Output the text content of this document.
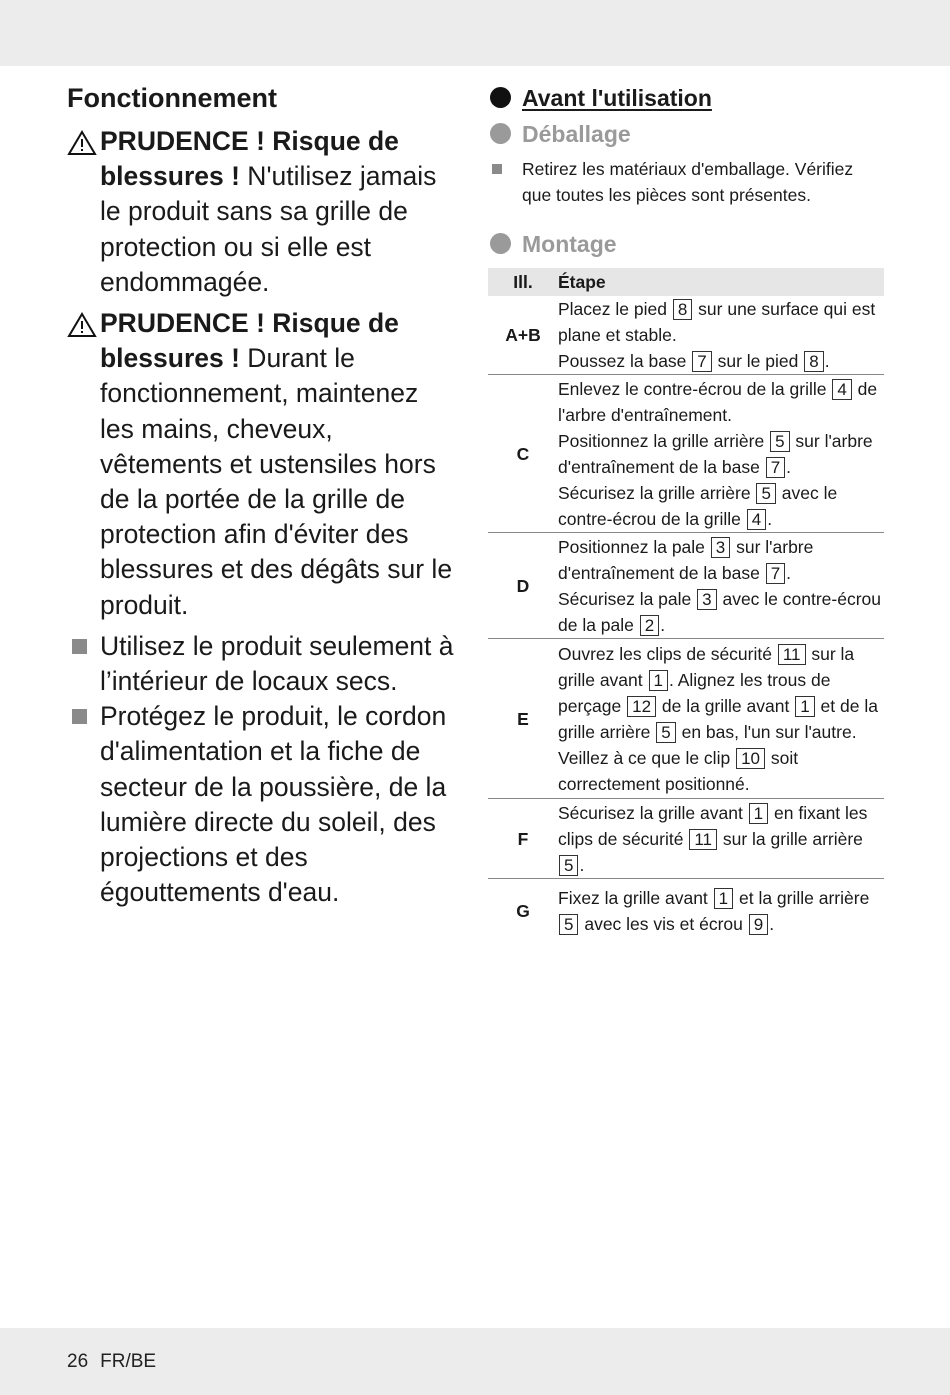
Fonctionnement
PRUDENCE ! Risque de blessures ! N'utilisez jamais le produit sans sa grille de protection ou si elle est endommagée.
PRUDENCE ! Risque de blessures ! Durant le fonctionnement, maintenez les mains, cheveux, vêtements et ustensiles hors de la portée de la grille de protection afin d'éviter des blessures et des dégâts sur le produit.
Utilisez le produit seulement à l’intérieur de locaux secs.
Protégez le produit, le cordon d'alimentation et la fiche de secteur de la poussière, de la lumière directe du soleil, des projections et des égouttements d'eau.
Avant l'utilisation
Déballage
Retirez les matériaux d'emballage. Vérifiez que toutes les pièces sont présentes.
Montage
Ill.	Étape
A+B	Placez le pied 8 sur une surface qui est plane et stable.
Poussez la base 7 sur le pied 8 .

C	Enlevez le contre-écrou de la grille 4 de l'arbre d'entraînement.
Positionnez la grille arrière 5 sur l'arbre d'entraînement de la base 7 .
Sécurisez la grille arrière 5 avec le contre-écrou de la grille 4 .

D	Positionnez la pale 3 sur l'arbre d'entraînement de la base 7 .
Sécurisez la pale 3 avec le contre-écrou de la pale 2 .

E	Ouvrez les clips de sécurité 11 sur la grille avant 1 . Alignez les trous de perçage 12 de la grille avant 1 et de la grille arrière 5 en bas, l'un sur l'autre. Veillez à ce que le clip 10 soit correctement positionné.

F	Sécurisez la grille avant 1 en fixant les clips de sécurité 11 sur la grille arrière 5 .

G	Fixez la grille avant 1 et la grille arrière 5 avec les vis et écrou 9 .
26 FR/BE
